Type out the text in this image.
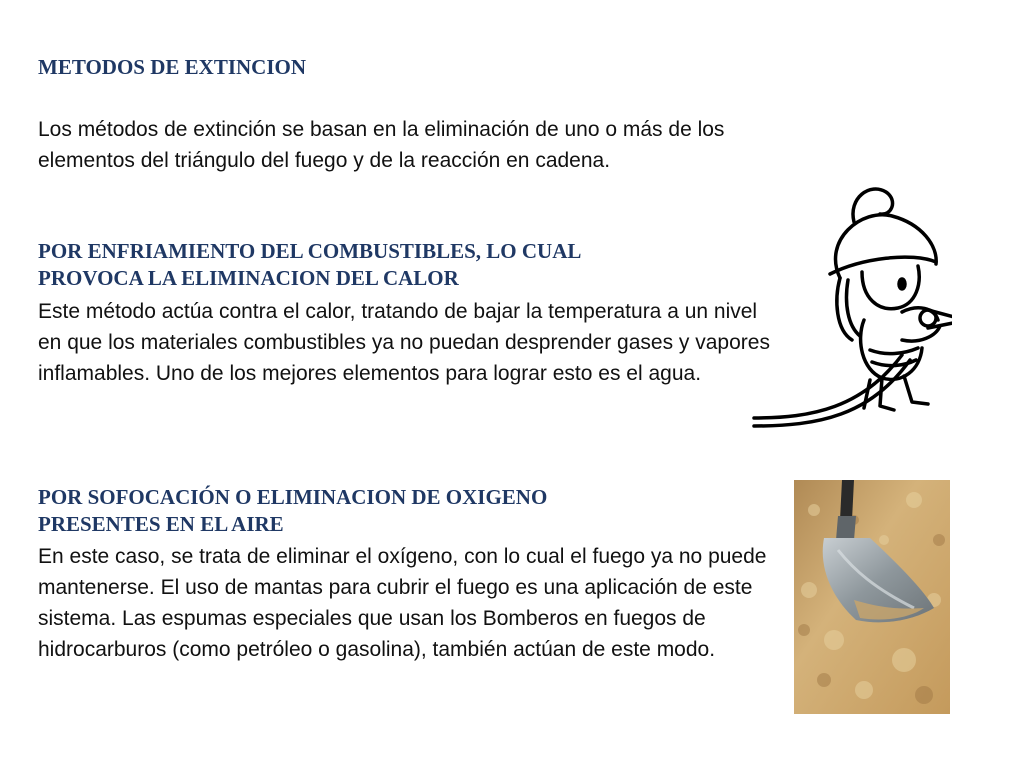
METODOS DE EXTINCION

Los métodos de extinción se basan en la eliminación de uno o más de los elementos del triángulo del fuego y de la reacción en cadena.

POR ENFRIAMIENTO DEL COMBUSTIBLES, LO CUAL
PROVOCA LA ELIMINACION DEL CALOR

Este método actúa contra el calor, tratando de bajar la temperatura a un nivel en que los materiales combustibles ya no puedan desprender gases y vapores inflamables. Uno de los mejores elementos para lograr esto es el agua.

POR SOFOCACIÓN O ELIMINACION DE OXIGENO
PRESENTES EN EL AIRE

En este caso, se trata de eliminar el oxígeno, con lo cual el fuego ya no puede mantenerse. El uso de mantas para cubrir el fuego es una aplicación de este sistema. Las espumas especiales que usan los Bomberos en fuegos de hidrocarburos (como petróleo o gasolina), también actúan de este modo.
